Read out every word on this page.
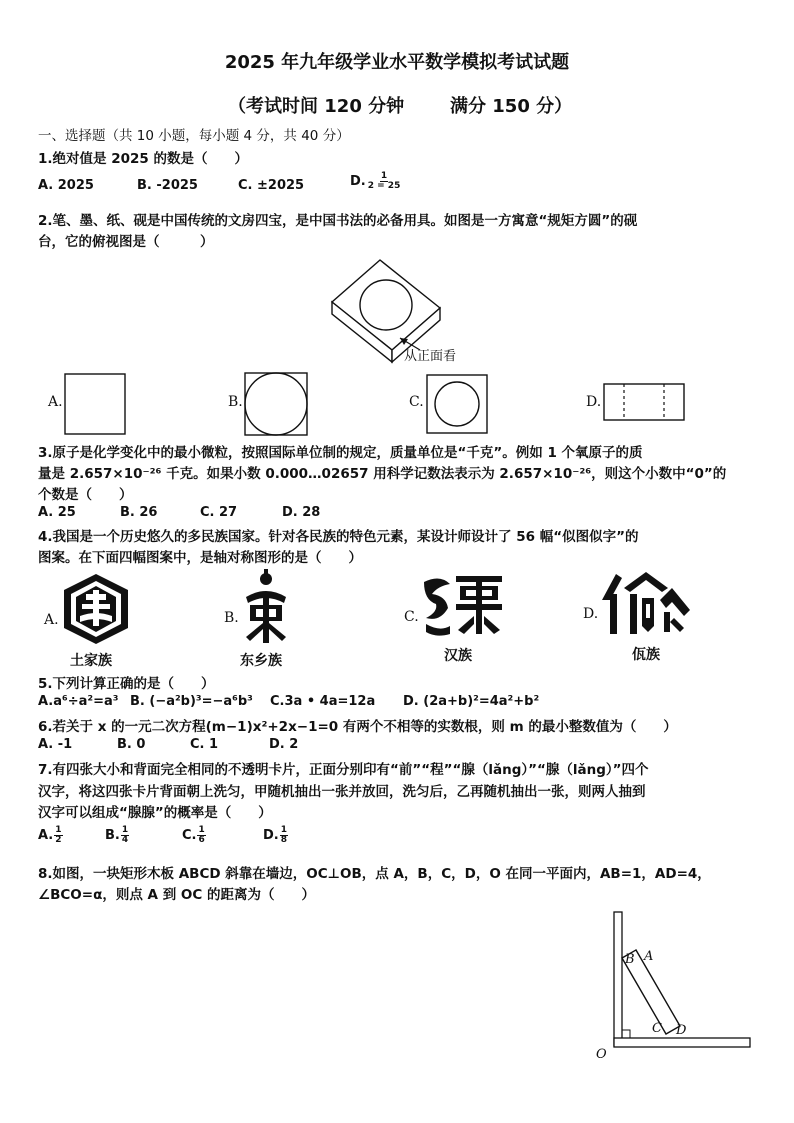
2025 年九年级学业水平数学模拟考试试题
（考试时间 120 分钟	满分 150 分）
一、选择题（共 10 小题，每小题 4 分，共 40 分）
1.绝对值是 2025 的数是（　　）
A. 2025	B. -2025	C. ±2025	D. $\frac{1}{2 = 25}$
2.笔、墨、纸、砚是中国传统的文房四宝，是中国书法的必备用具。如图是一方寓意“规矩方圆”的砚
台，它的俯视图是（　　　）
从正面看
A.	B.	C.	D.
3.原子是化学变化中的最小微粒，按照国际单位制的规定，质量单位是“千克”。例如 1 个氧原子的质
量是 2.657×10⁻²⁶ 千克。如果小数 0.000…02657 用科学记数法表示为 2.657×10⁻²⁶，则这个小数中“0”的
个数是（　　）
A. 25	B. 26	C. 27	D. 28
4.我国是一个历史悠久的多民族国家。针对各民族的特色元素，某设计师设计了 56 幅“似图似字”的
图案。在下面四幅图案中，是轴对称图形的是（　　）
A.
土家族
B.
东乡族
C.
汉族
D.
佤族
5.下列计算正确的是（　　）
A.a⁶÷a²=a³ B. (−a²b)³=−a⁶b³ C.3a • 4a=12a D. (2a+b)²=4a²+b²
6.若关于 x 的一元二次方程(m−1)x²+2x−1=0 有两个不相等的实数根，则 m 的最小整数值为（　　）
A. -1	B. 0	C. 1	D. 2
7.有四张大小和背面完全相同的不透明卡片，正面分别印有“前”“程”“腺（lǎng）”“腺（lǎng）”四个
汉字，将这四张卡片背面朝上洗匀，甲随机抽出一张并放回，洗匀后，乙再随机抽出一张，则两人抽到
汉字可以组成“腺腺”的概率是（　　）
A. $\frac{1}{2}$	B. $\frac{1}{4}$	C. $\frac{1}{6}$	D. $\frac{1}{8}$
8.如图，一块矩形木板 ABCD 斜靠在墙边，OC⊥OB，点 A，B，C，D，O 在同一平面内，AB=1，AD=4，
∠BCO=α，则点 A 到 OC 的距离为（　　）
B A
C D
O
